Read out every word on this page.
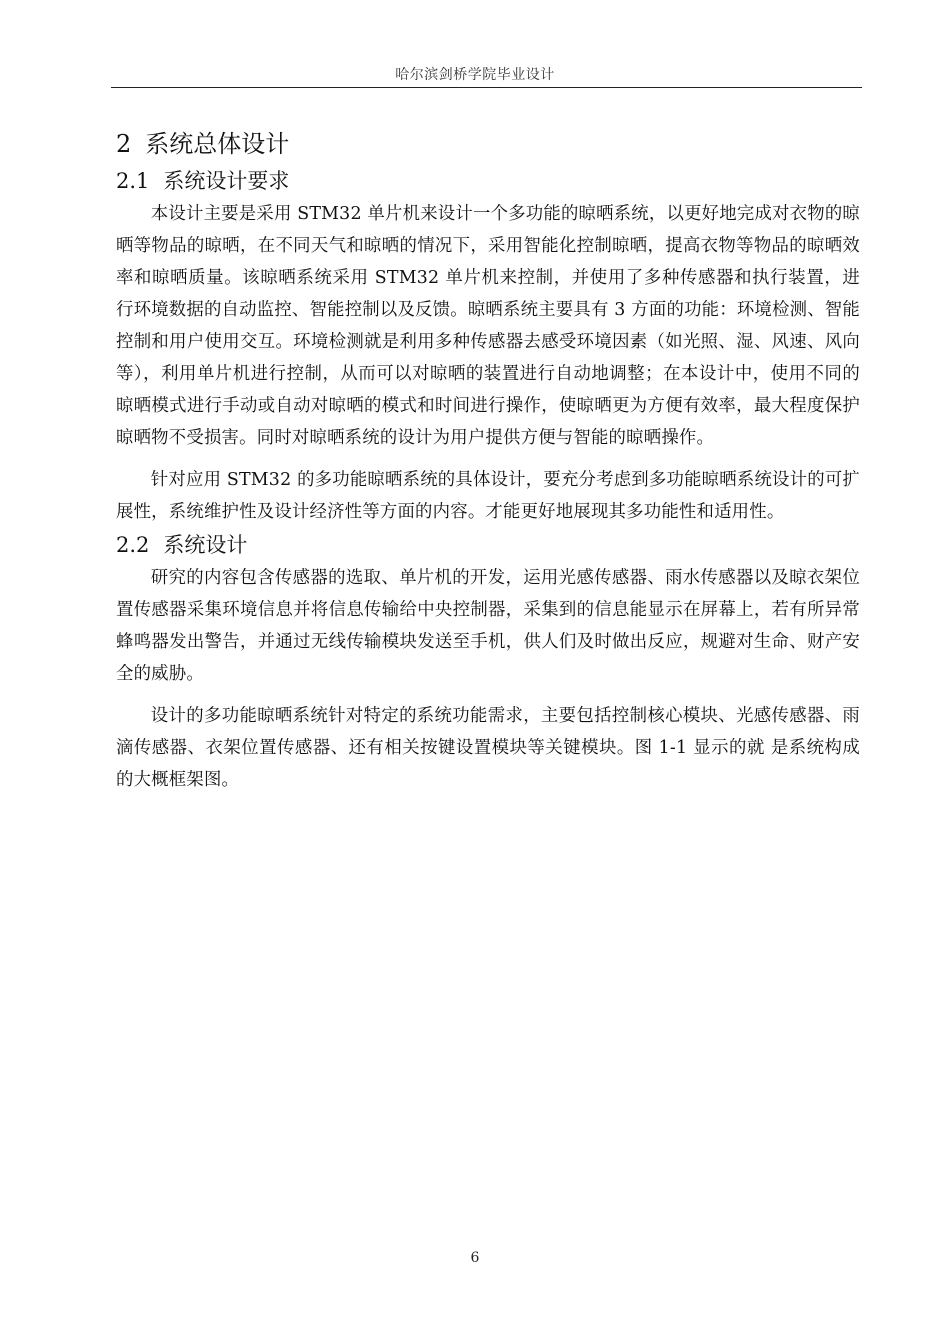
哈尔滨剑桥学院毕业设计
2 系统总体设计
2.1 系统设计要求

本设计主要是采用 STM32 单片机来设计一个多功能的晾晒系统，以更好地完成对衣物的晾晒等物品的晾晒，在不同天气和晾晒的情况下，采用智能化控制晾晒，提高衣物等物品的晾晒效率和晾晒质量。该晾晒系统采用 STM32 单片机来控制，并使用了多种传感器和执行装置，进行环境数据的自动监控、智能控制以及反馈。晾晒系统主要具有 3 方面的功能：环境检测、智能控制和用户使用交互。环境检测就是利用多种传感器去感受环境因素（如光照、湿、风速、风向等），利用单片机进行控制，从而可以对晾晒的装置进行自动地调整；在本设计中，使用不同的晾晒模式进行手动或自动对晾晒的模式和时间进行操作，使晾晒更为方便有效率，最大程度保护晾晒物不受损害。同时对晾晒系统的设计为用户提供方便与智能的晾晒操作。

针对应用 STM32 的多功能晾晒系统的具体设计，要充分考虑到多功能晾晒系统设计的可扩展性，系统维护性及设计经济性等方面的内容。才能更好地展现其多功能性和适用性。

2.2 系统设计

研究的内容包含传感器的选取、单片机的开发，运用光感传感器、雨水传感器以及晾衣架位置传感器采集环境信息并将信息传输给中央控制器，采集到的信息能显示在屏幕上，若有所异常蜂鸣器发出警告，并通过无线传输模块发送至手机，供人们及时做出反应，规避对生命、财产安全的威胁。

设计的多功能晾晒系统针对特定的系统功能需求，主要包括控制核心模块、光感传感器、雨滴传感器、衣架位置传感器、还有相关按键设置模块等关键模块。图 1-1 显示的就 是系统构成的大概框架图。

6
